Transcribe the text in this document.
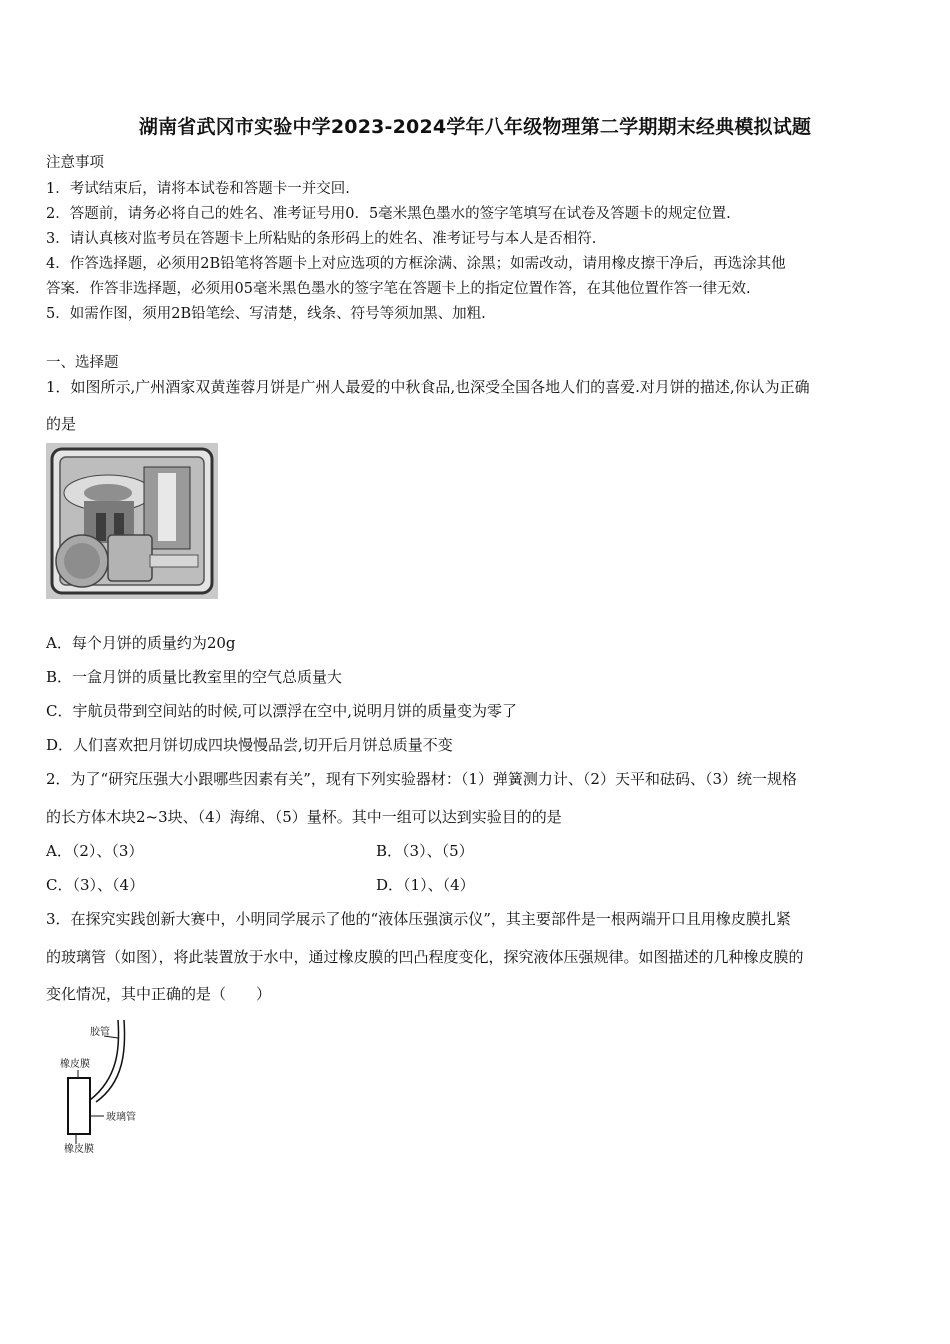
湖南省武冈市实验中学2023-2024学年八年级物理第二学期期末经典模拟试题
注意事项
1．考试结束后，请将本试卷和答题卡一并交回.
2．答题前，请务必将自己的姓名、准考证号用0．5毫米黑色墨水的签字笔填写在试卷及答题卡的规定位置.
3．请认真核对监考员在答题卡上所粘贴的条形码上的姓名、准考证号与本人是否相符.
4．作答选择题，必须用2B铅笔将答题卡上对应选项的方框涂满、涂黑；如需改动，请用橡皮擦干净后，再选涂其他
答案．作答非选择题，必须用05毫米黑色墨水的签字笔在答题卡上的指定位置作答，在其他位置作答一律无效.
5．如需作图，须用2B铅笔绘、写清楚，线条、符号等须加黑、加粗.
一、选择题
1．如图所示,广州酒家双黄莲蓉月饼是广州人最爱的中秋食品,也深受全国各地人们的喜爱.对月饼的描述,你认为正确
的是
A．每个月饼的质量约为20g
B．一盒月饼的质量比教室里的空气总质量大
C．宇航员带到空间站的时候,可以漂浮在空中,说明月饼的质量变为零了
D．人们喜欢把月饼切成四块慢慢品尝,切开后月饼总质量不变
2．为了“研究压强大小跟哪些因素有关”，现有下列实验器材：（1）弹簧测力计、（2）天平和砝码、（3）统一规格
的长方体木块2~3块、（4）海绵、（5）量杯。其中一组可以达到实验目的的是
A．（2）、（3）	B．（3）、（5）
C．（3）、（4）	D．（1）、（4）
3．在探究实践创新大赛中，小明同学展示了他的“液体压强演示仪”，其主要部件是一根两端开口且用橡皮膜扎紧
的玻璃管（如图），将此装置放于水中，通过橡皮膜的凹凸程度变化，探究液体压强规律。如图描述的几种橡皮膜的
变化情况，其中正确的是（　　）
胶管
橡皮膜
玻璃管
橡皮膜
